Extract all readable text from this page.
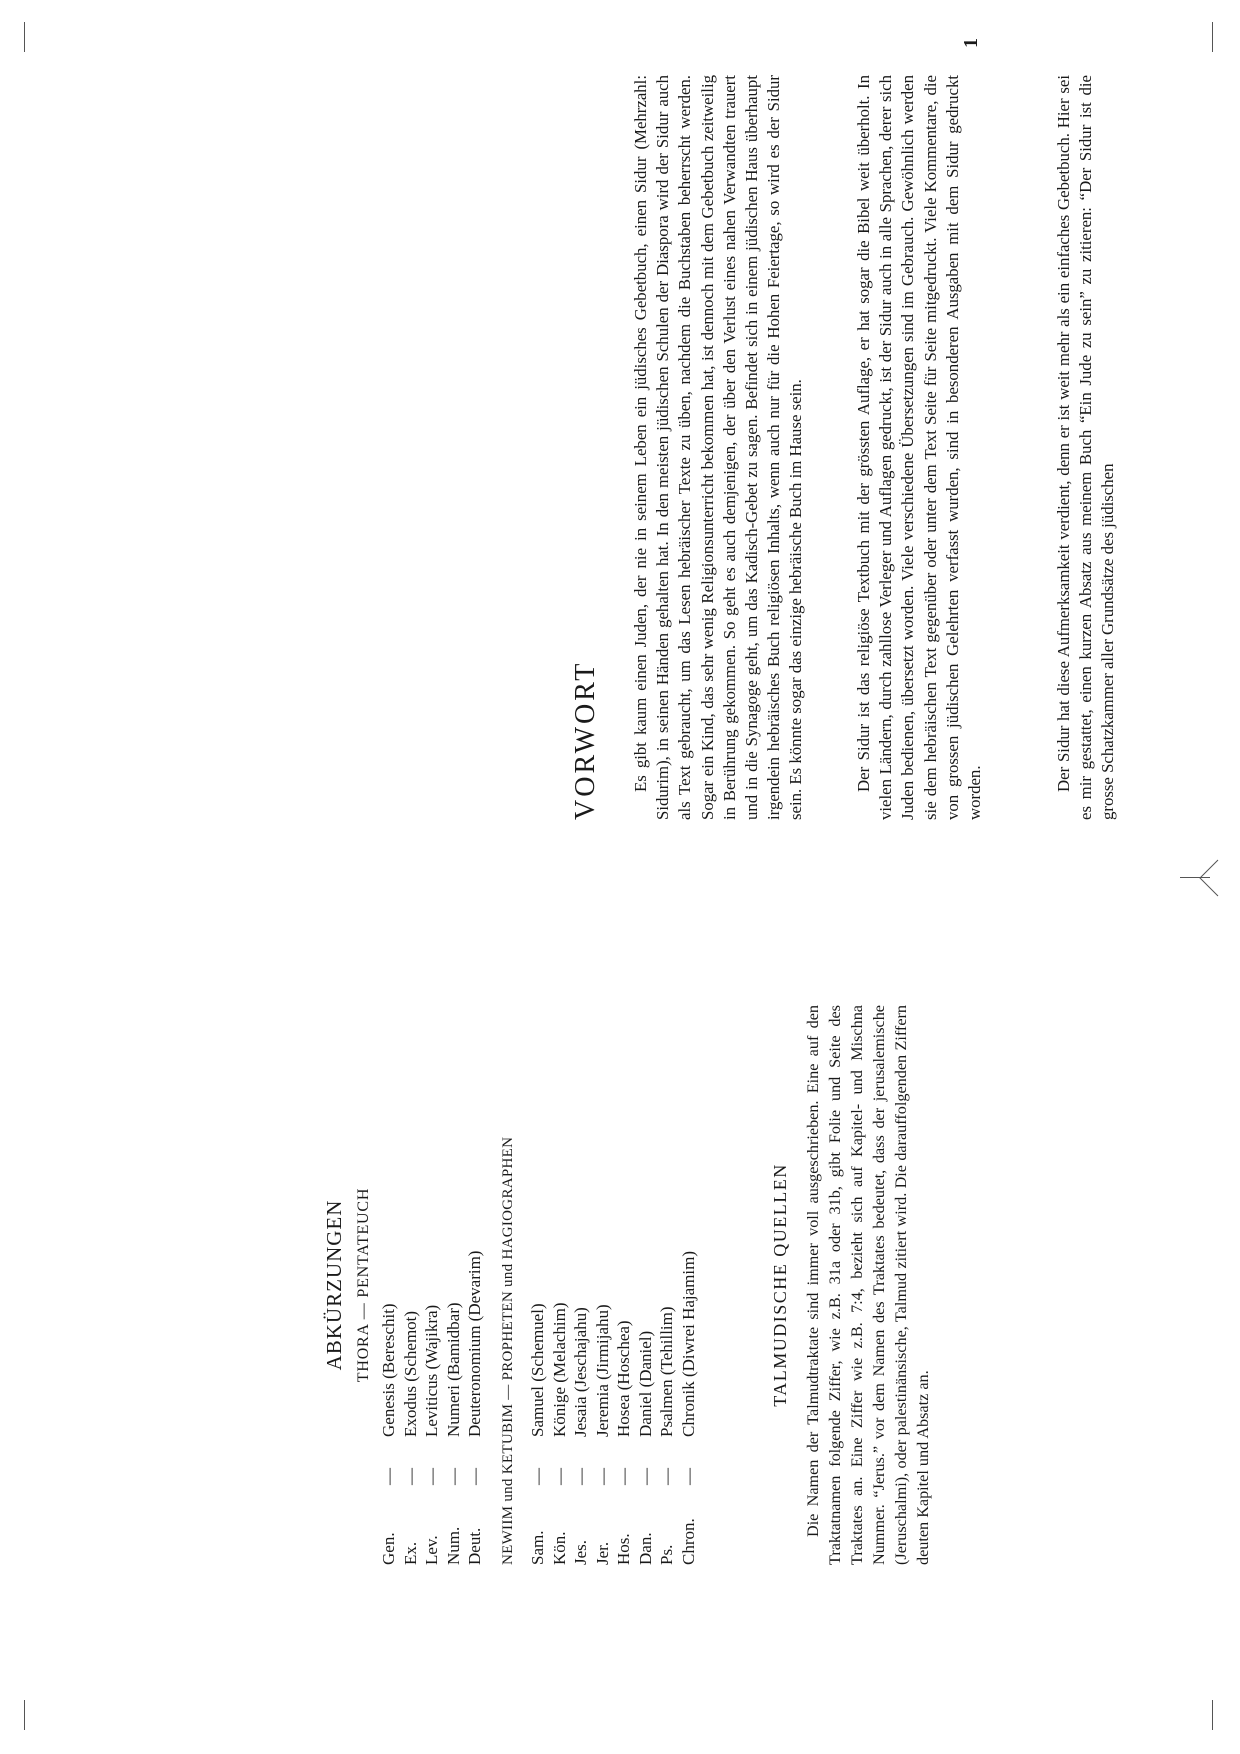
ABKÜRZUNGEN THORA — PENTATEUCH
Gen.
—
Genesis (Bereschit)
Ex.
—
Exodus (Schemot)
Lev.
—
Leviticus (Wajikra)
Num.
—
Numeri (Bamidbar)
Deut.
—
Deuteronomium (Devarim) NEWIIM und KETUBIM — PROPHETEN und HAGIOGRAPHEN Sam.
—
Samuel (Schemuel)
Kön.
—
Könige (Melachim)
Jes.
—
Jesaia (Jeschajahu)
Jer.
—
Jeremia (Jirmijahu)
Hos.
—
Hosea (Hoschea)
Dan.
—
Daniel (Daniel)
Ps.
—
Psalmen (Tehillim)
Chron.
—
Chronik (Diwrei Hajamim)	TALMUDISCHE QUELLEN Die Namen der Talmudtraktate sind immer voll ausgeschrieben. Eine auf den Traktatnamen folgende Ziffer, wie z.B. 31a oder 31b, gibt Folie und Seite des Traktates an. Eine Ziffer wie z.B. 7:4, bezieht sich auf Kapitel- und Mischna Nummer. “Jerus.” vor dem Namen des Traktates bedeutet, dass der jerusalemische (Jeruschalmi), oder palestinänsische, Talmud zitiert wird. Die darauffolgenden Ziffern deuten Kapitel und Absatz an.

VORWORT Es gibt kaum einen Juden, der nie in seinem Leben ein jüdisches Gebetbuch, einen Sidur (Mehrzahl: Sidurim), in seinen Händen gehalten hat. In den meisten jüdischen Schulen der Diaspora wird der Sidur auch als Text gebraucht, um das Lesen hebräischer Texte zu üben, nachdem die Buchstaben beherrscht werden. Sogar ein Kind, das sehr wenig Religionsunterricht bekommen hat, ist dennoch mit dem Gebetbuch zeitweilig in Berührung gekommen. So geht es auch demjenigen, der über den Verlust eines nahen Verwandten trauert und in die Synagoge geht, um das Kadisch-Gebet zu sagen. Befindet sich in einem jüdischen Haus überhaupt irgendein hebräisches Buch religiösen Inhalts, wenn auch nur für die Hohen Feiertage, so wird es der Sidur sein. Es könnte sogar das einzige hebräische Buch im Hause sein.	Der Sidur ist das religiöse Textbuch mit der grössten Auflage, er hat sogar die Bibel weit überholt. In vielen Ländern, durch zahllose Verleger und Auflagen gedruckt, ist der Sidur auch in alle Sprachen, derer sich Juden bedienen, übersetzt worden. Viele verschiedene Übersetzungen sind im Gebrauch. Gewöhnlich werden sie dem hebräischen Text gegenüber oder unter dem Text Seite für Seite mitgedruckt. Viele Kommentare, die von grossen jüdischen Gelehrten verfasst wurden, sind in besonderen Ausgaben mit dem Sidur gedruckt worden.

Der Sidur hat diese Aufmerksamkeit verdient, denn er ist weit mehr als ein einfaches Gebetbuch. Hier sei es mir gestattet, einen kurzen Absatz aus meinem Buch “Ein Jude zu sein” zu zitieren: “Der Sidur ist die grosse Schatzkammer aller Grundsätze des jüdischen

1
